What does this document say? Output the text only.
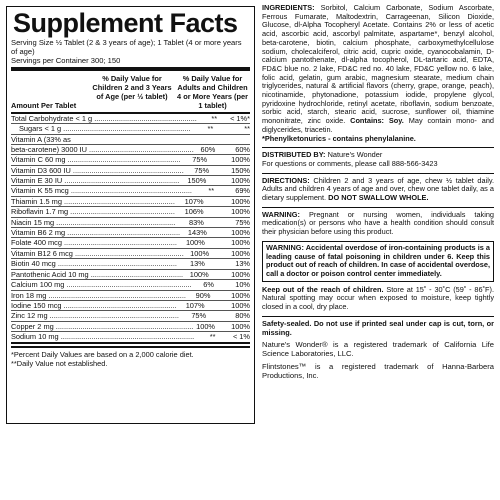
Supplement Facts
Serving Size ½ Tablet (2 & 3 years of age); 1 Tablet (4 or more years of age)
Servings per Container 300; 150
Amount Per Tablet
% Daily Value for Children 2 and 3 Years of Age (per ½ tablet)
% Daily Value for Adults and Children 4 or More Years (per 1 tablet)
Total Carbohydrate < 1 g ..................................................	**	< 1%*
Sugars < 1 g ..............................................................	**	**
Vitamin A (33% as
beta-carotene) 3000 IU ................................................... 60%	60%
Vitamin C 60 mg .......................................................	75%	100%
Vitamin D3 600 IU ......................................................	75%	150%
Vitamin E 30 IU ........................................................	150%	100%
Vitamin K 55 mcg ...........................................................	**	69%
Thiamin 1.5 mg ......................................................	107%	100%
Riboflavin 1.7 mg ...................................................	106%	100%
Niacin 15 mg ..........................................................	83%	75%
Vitamin B6 2 mg .......................................................	143%	100%
Folate 400 mcg .......................................................	100%	100%
Vitamin B12 6 mcg ..................................................... 100%	100%
Biotin 40 mcg ..........................................................	13%	13%
Pantothenic Acid 10 mg ............................................. 100%	100%
Calcium 100 mg .............................................................	6%	10%
Iron 18 mg ...................................................................	90%	100%
Iodine 150 mcg .......................................................	107%	100%
Zinc 12 mg ...............................................................	75%	80%
Copper 2 mg ................................................................... 100%	100%
Sodium 10 mg .................................................................	**	< 1%
*Percent Daily Values are based on a 2,000 calorie diet.
**Daily Value not established.

INGREDIENTS: Sorbitol, Calcium Carbonate, Sodium Ascorbate, Ferrous Fumarate, Maltodextrin, Carrageenan, Silicon Dioxide, Glucose, dl-Alpha Tocopheryl Acetate. Contains 2% or less of acetic acid, ascorbic acid, ascorbyl palmitate, aspartame*, benzyl alcohol, beta-carotene, biotin, calcium phosphate, carboxymethylcellulose sodium, cholecalciferol, citric acid, cupric oxide, cyanocobalamin, D-calcium pantothenate, dl-alpha tocopherol, DL-tartaric acid, EDTA, FD&C blue no. 2 lake, FD&C red no. 40 lake, FD&C yellow no. 6 lake, folic acid, gelatin, gum arabic, magnesium stearate, medium chain triglycerides, natural & artificial flavors (cherry, grape, orange, peach), nicotinamide, phytonadione, potassium iodide, propylene glycol, pyridoxine hydrochloride, retinyl acetate, riboflavin, sodium benzoate, sorbic acid, starch, stearic acid, sucrose, sunflower oil, thiamine mononitrate, zinc oxide. Contains: Soy. May contain mono- and diglycerides, triacetin.
*Phenylketonurics - contains phenylalanine.

DISTRIBUTED BY: Nature's Wonder
For questions or comments, please call 888-566-3423

DIRECTIONS: Children 2 and 3 years of age, chew ½ tablet daily. Adults and children 4 years of age and over, chew one tablet daily, as a dietary supplement. DO NOT SWALLOW WHOLE.

WARNING: Pregnant or nursing women, individuals taking medication(s) or persons who have a health condition should consult their physician before using this product.

WARNING: Accidental overdose of iron-containing products is a leading cause of fatal poisoning in children under 6. Keep this product out of reach of children. In case of accidental overdose, call a doctor or poison control center immediately.

Keep out of the reach of children. Store at 15˚ - 30˚C (59˚ - 86˚F). Natural spotting may occur when exposed to moisture, keep tightly closed in a cool, dry place.

Safety-sealed. Do not use if printed seal under cap is cut, torn, or missing.

Nature's Wonder® is a registered trademark of California Life Science Laboratories, LLC.

Flintstones™ is a registered trademark of Hanna-Barbera Productions, Inc.
